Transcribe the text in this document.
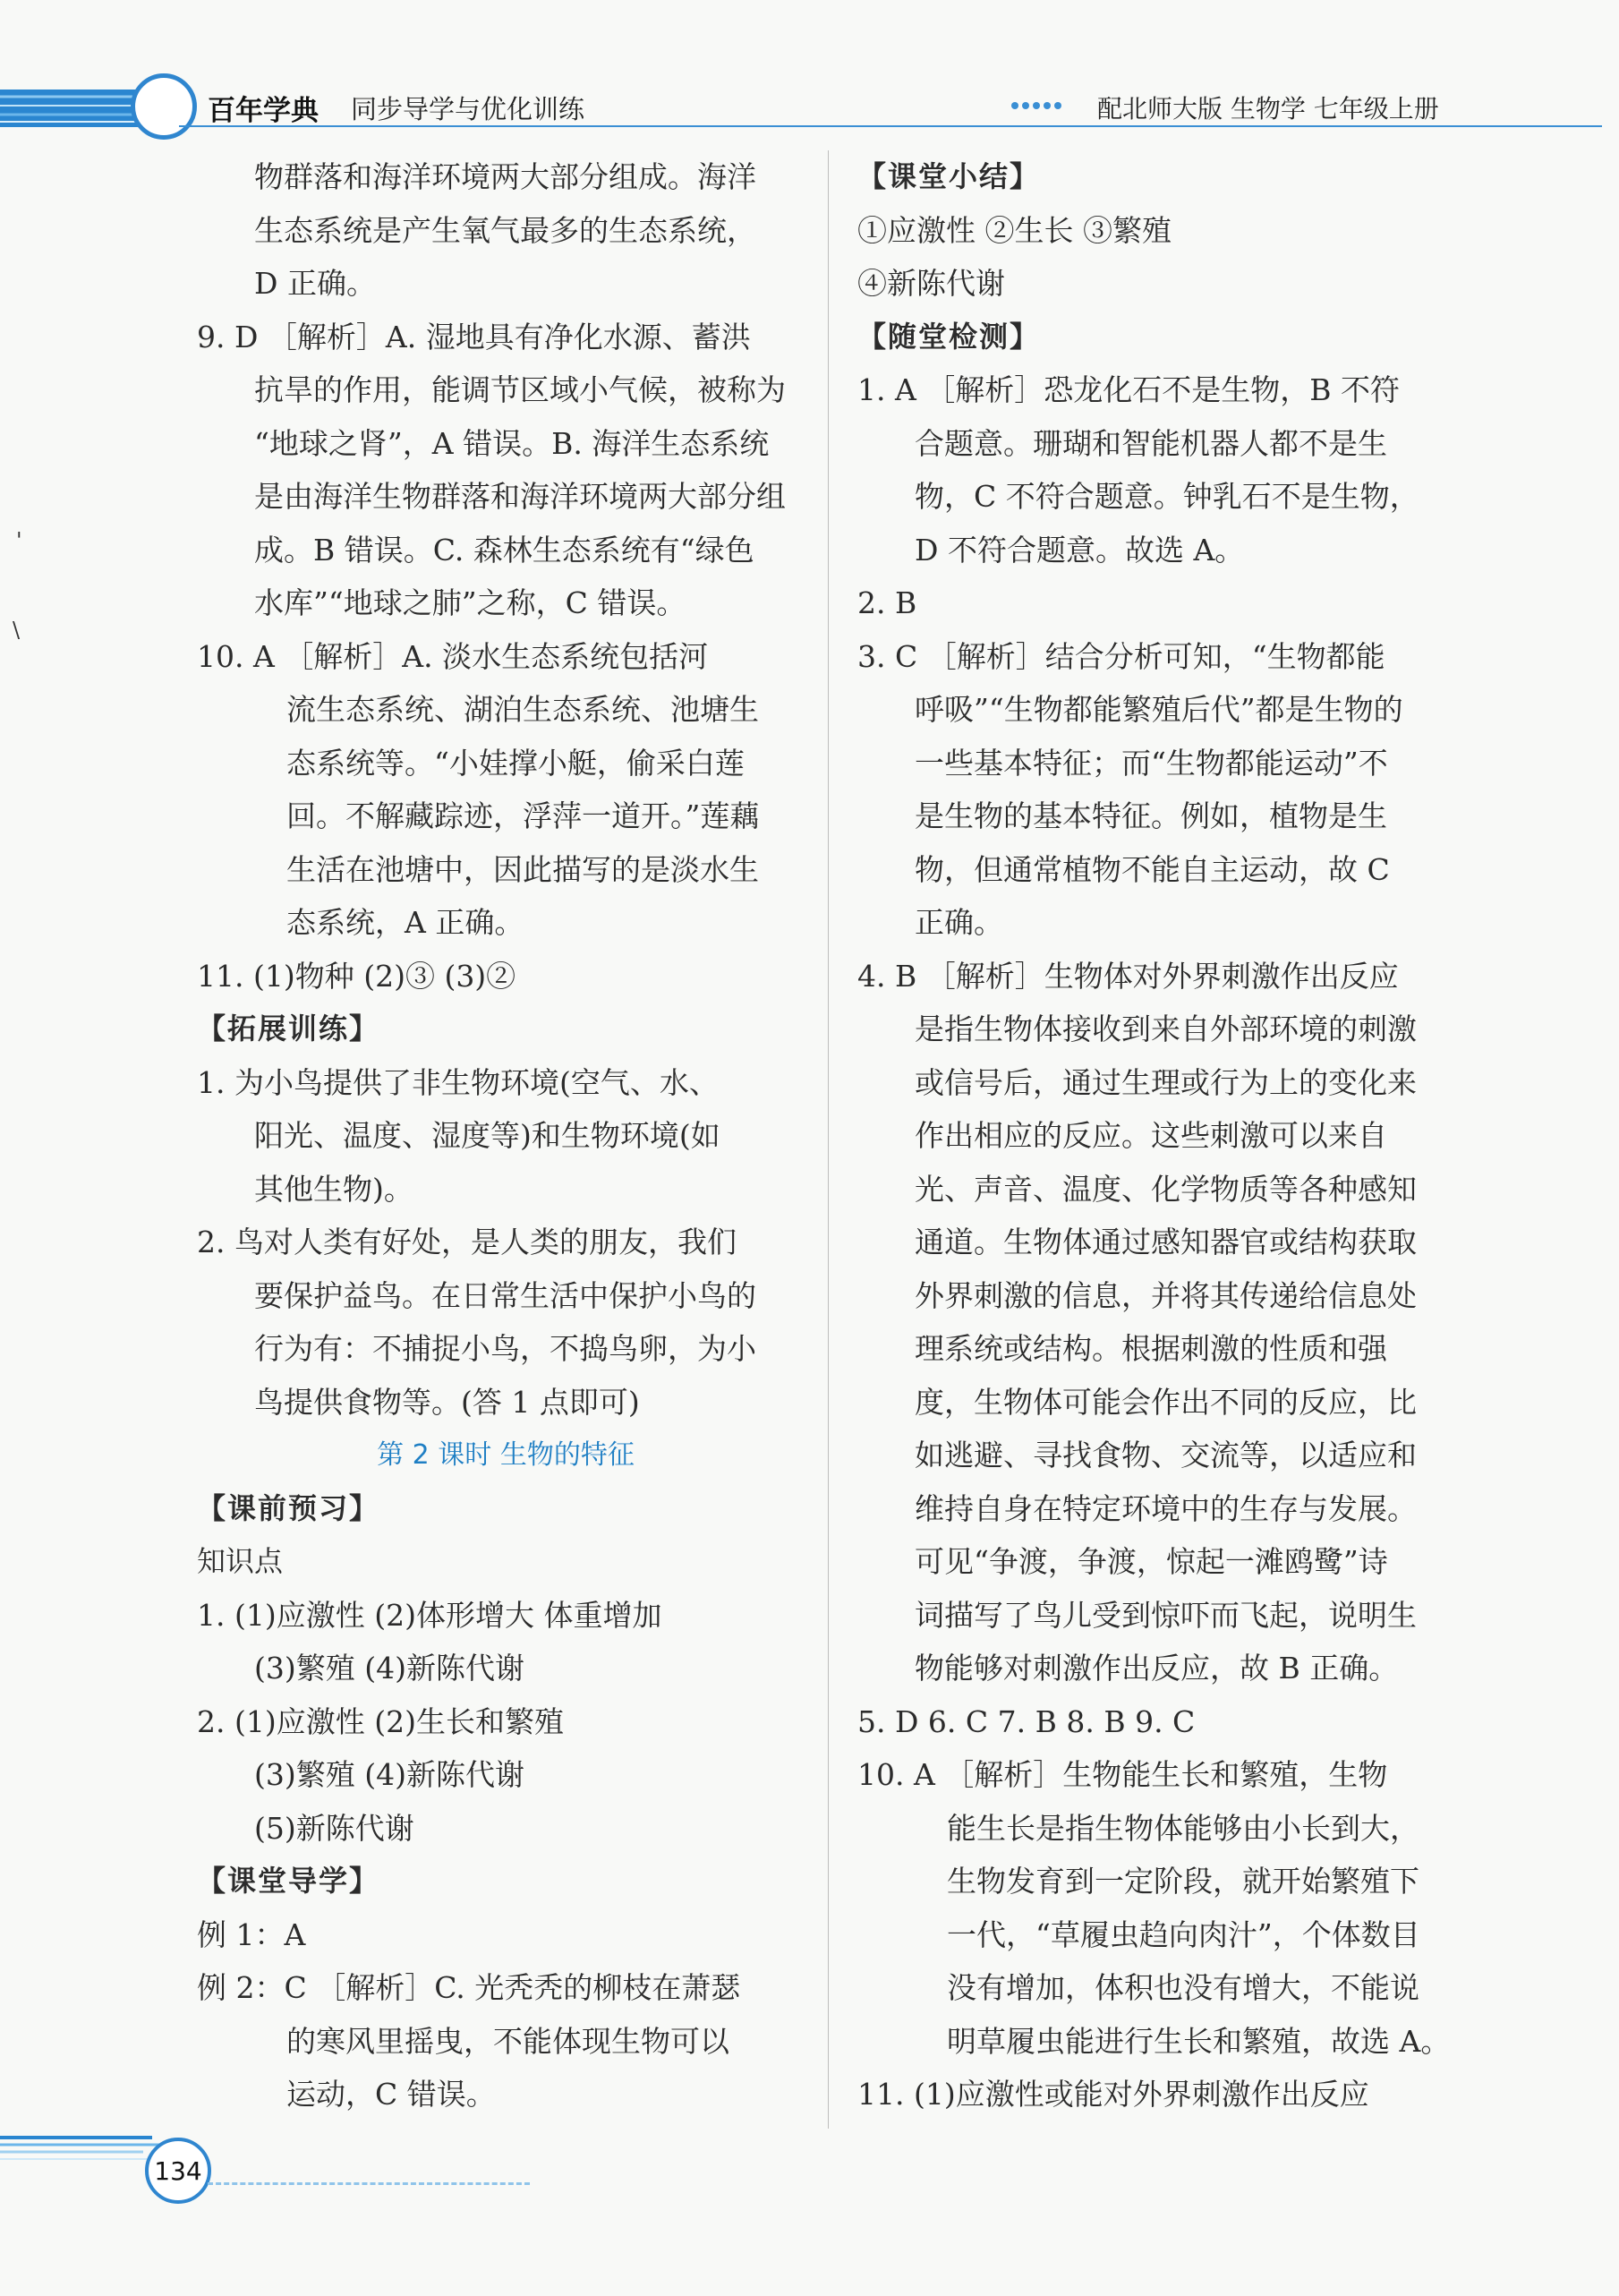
百年学典 同步导学与优化训练	配北师大版 生物学 七年级上册
'
\
物群落和海洋环境两大部分组成。海洋
生态系统是产生氧气最多的生态系统，
D 正确。
9. D ［解析］A. 湿地具有净化水源、蓄洪
抗旱的作用，能调节区域小气候，被称为
“地球之肾”，A 错误。B. 海洋生态系统
是由海洋生物群落和海洋环境两大部分组
成。B 错误。C. 森林生态系统有“绿色
水库”“地球之肺”之称，C 错误。
10. A ［解析］A. 淡水生态系统包括河
流生态系统、湖泊生态系统、池塘生
态系统等。“小娃撑小艇，偷采白莲
回。不解藏踪迹，浮萍一道开。”莲藕
生活在池塘中，因此描写的是淡水生
态系统，A 正确。
11. (1)物种 (2)③ (3)②
【拓展训练】
1. 为小鸟提供了非生物环境(空气、水、
阳光、温度、湿度等)和生物环境(如
其他生物)。
2. 鸟对人类有好处，是人类的朋友，我们
要保护益鸟。在日常生活中保护小鸟的
行为有：不捕捉小鸟，不捣鸟卵，为小
鸟提供食物等。(答 1 点即可)
第 2 课时 生物的特征
【课前预习】
知识点
1. (1)应激性 (2)体形增大 体重增加
(3)繁殖 (4)新陈代谢
2. (1)应激性 (2)生长和繁殖
(3)繁殖 (4)新陈代谢
(5)新陈代谢
【课堂导学】
例 1：A
例 2：C ［解析］C. 光秃秃的柳枝在萧瑟
的寒风里摇曳，不能体现生物可以
运动，C 错误。
【课堂小结】
①应激性 ②生长 ③繁殖
④新陈代谢
【随堂检测】
1. A ［解析］恐龙化石不是生物，B 不符
合题意。珊瑚和智能机器人都不是生
物，C 不符合题意。钟乳石不是生物，
D 不符合题意。故选 A。
2. B
3. C ［解析］结合分析可知，“生物都能
呼吸”“生物都能繁殖后代”都是生物的
一些基本特征；而“生物都能运动”不
是生物的基本特征。例如，植物是生
物，但通常植物不能自主运动，故 C
正确。
4. B ［解析］生物体对外界刺激作出反应
是指生物体接收到来自外部环境的刺激
或信号后，通过生理或行为上的变化来
作出相应的反应。这些刺激可以来自
光、声音、温度、化学物质等各种感知
通道。生物体通过感知器官或结构获取
外界刺激的信息，并将其传递给信息处
理系统或结构。根据刺激的性质和强
度，生物体可能会作出不同的反应，比
如逃避、寻找食物、交流等，以适应和
维持自身在特定环境中的生存与发展。
可见“争渡，争渡，惊起一滩鸥鹭”诗
词描写了鸟儿受到惊吓而飞起，说明生
物能够对刺激作出反应，故 B 正确。
5. D 6. C 7. B 8. B 9. C
10. A ［解析］生物能生长和繁殖，生物
能生长是指生物体能够由小长到大，
生物发育到一定阶段，就开始繁殖下
一代，“草履虫趋向肉汁”，个体数目
没有增加，体积也没有增大，不能说
明草履虫能进行生长和繁殖，故选 A。
11. (1)应激性或能对外界刺激作出反应
134
